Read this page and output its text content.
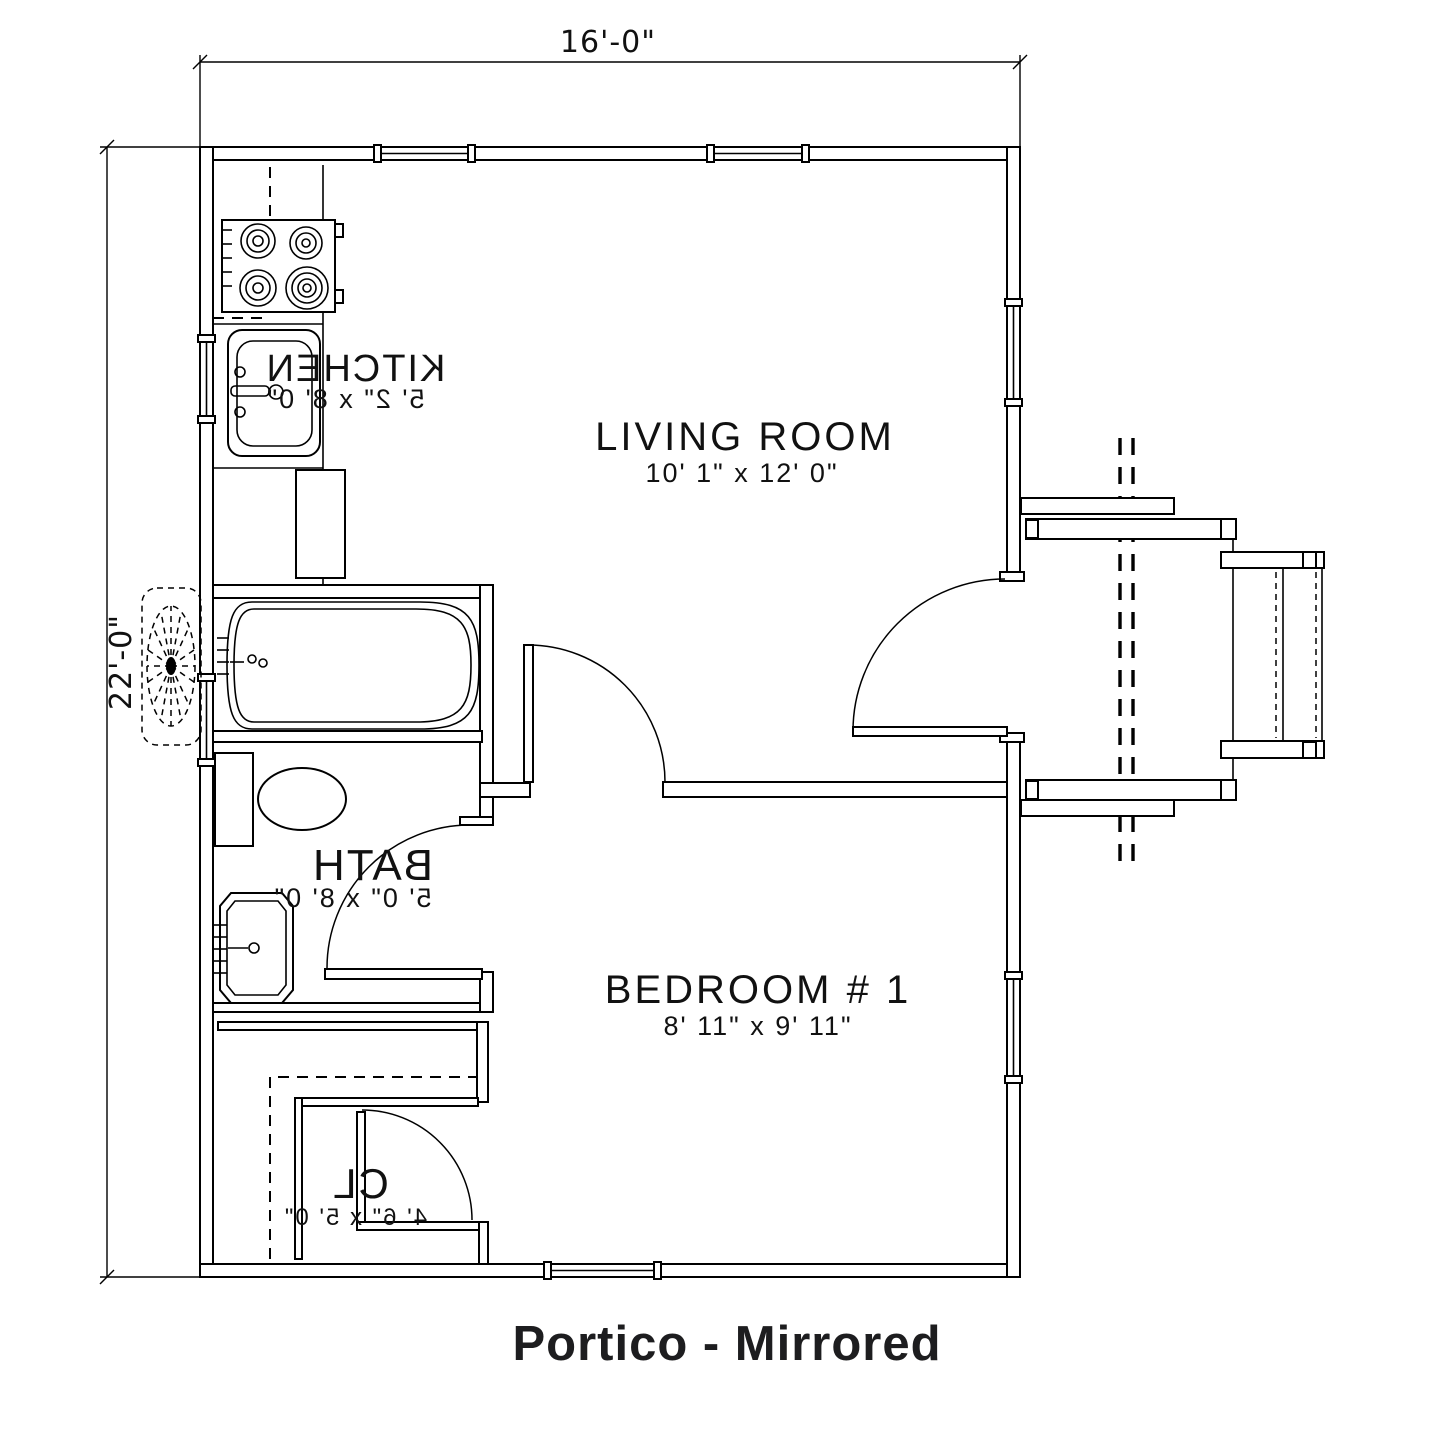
16'-0"
22'-0"
LIVING ROOM
10' 1" x 12' 0"
KITCHEN
5' 2" x 8' 0"
BATH
5' 0" x 8' 0"
BEDROOM # 1
8' 11" x 9' 11"
CL
4' 6" x 5' 0"
Portico - Mirrored
